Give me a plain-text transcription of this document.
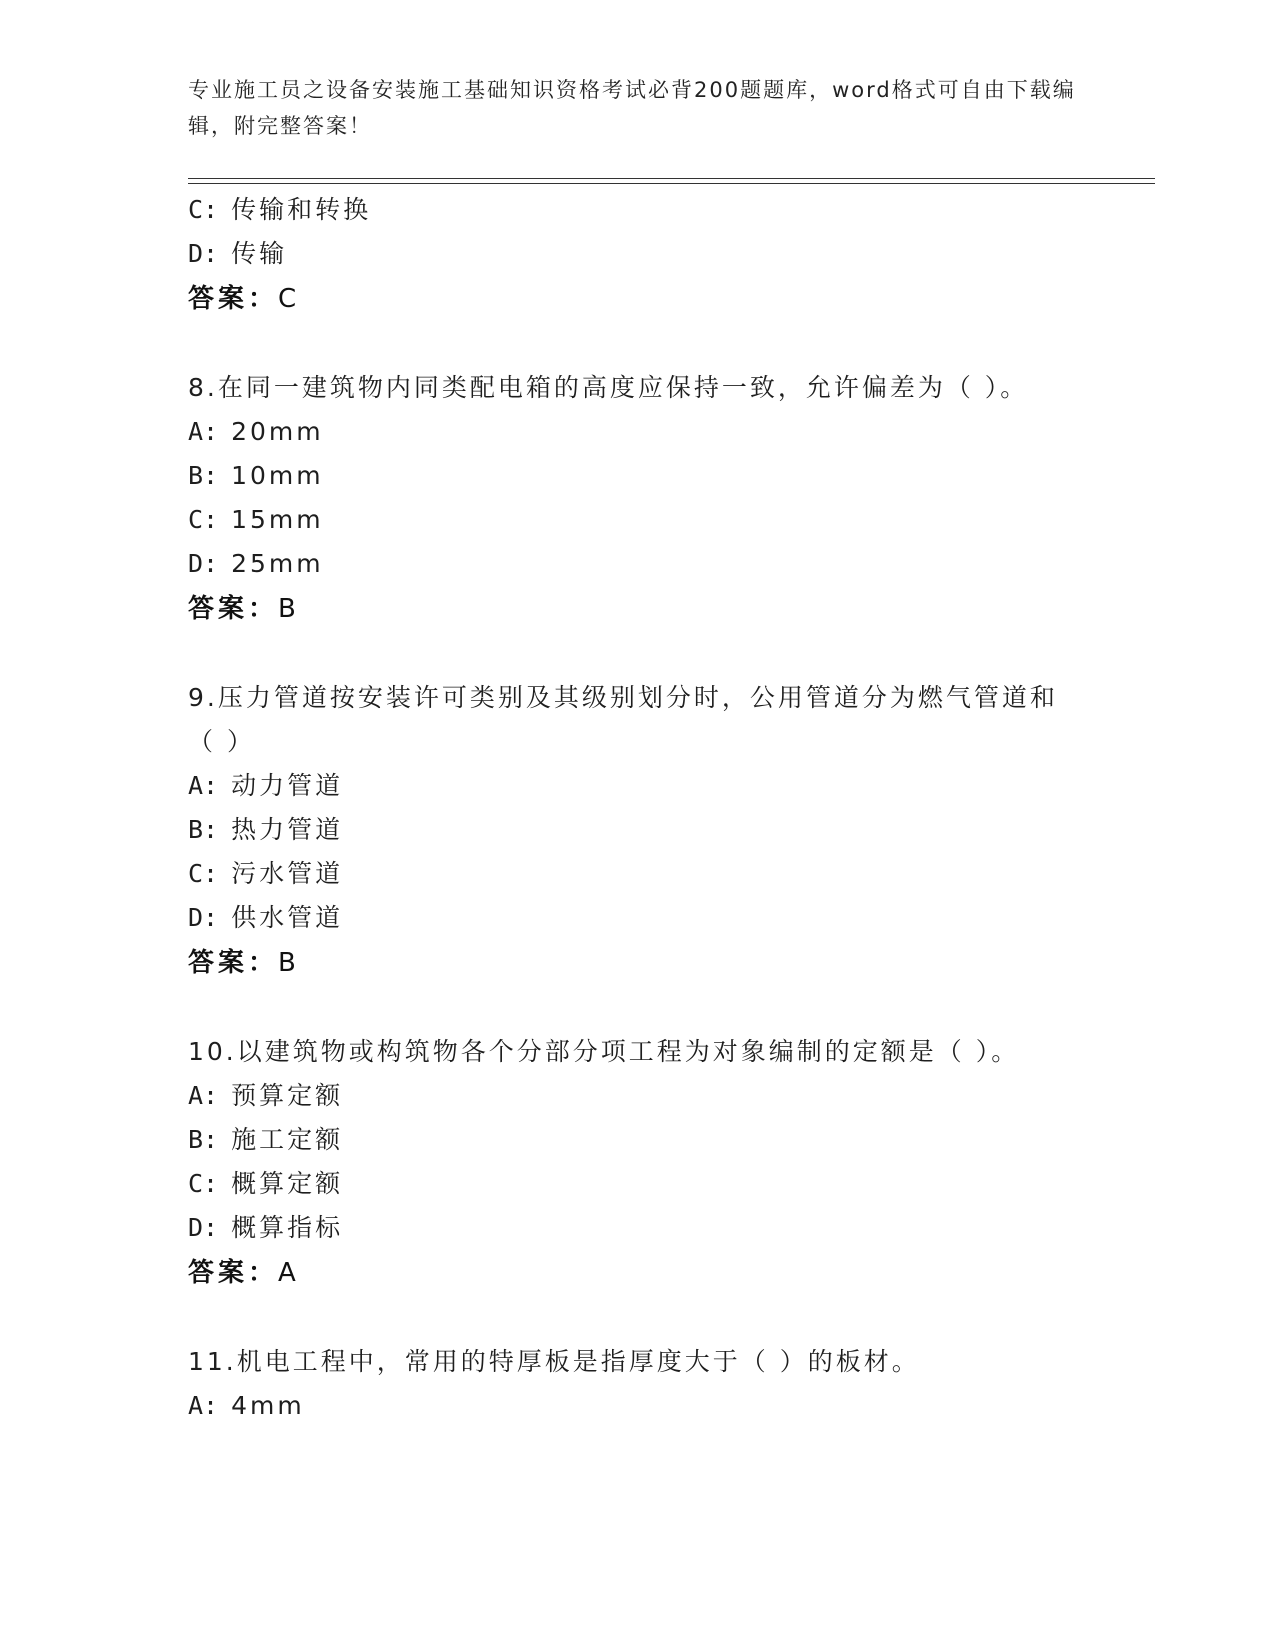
专业施工员之设备安装施工基础知识资格考试必背200题题库，word格式可自由下载编辑，附完整答案！
C: 传输和转换
D: 传输
答案：C
8.在同一建筑物内同类配电箱的高度应保持一致，允许偏差为（ ）。
A: 20mm
B: 10mm
C: 15mm
D: 25mm
答案：B
9.压力管道按安装许可类别及其级别划分时，公用管道分为燃气管道和（ ）
A: 动力管道
B: 热力管道
C: 污水管道
D: 供水管道
答案：B
10.以建筑物或构筑物各个分部分项工程为对象编制的定额是（ ）。
A: 预算定额
B: 施工定额
C: 概算定额
D: 概算指标
答案：A
11.机电工程中，常用的特厚板是指厚度大于（ ）的板材。
A: 4mm
